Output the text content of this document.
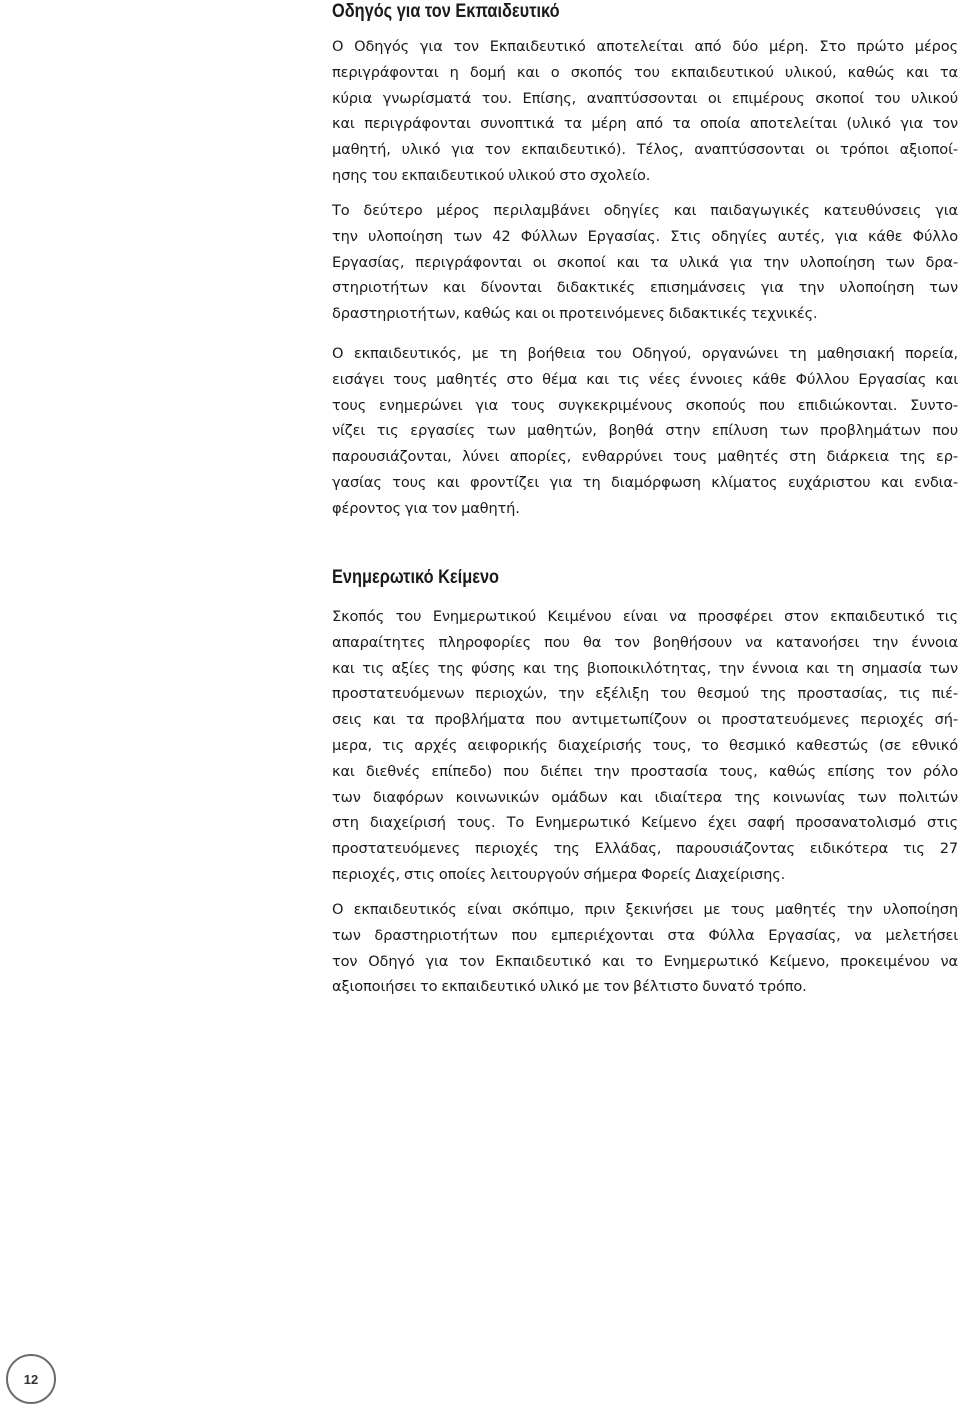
Οδηγός για τον Εκπαιδευτικό

Ο Οδηγός για τον Εκπαιδευτικό αποτελείται από δύο μέρη. Στο πρώτο μέρος
περιγράφονται η δομή και ο σκοπός του εκπαιδευτικού υλικού, καθώς και τα
κύρια γνωρίσματά του. Επίσης, αναπτύσσονται οι επιμέρους σκοποί του υλικού
και περιγράφονται συνοπτικά τα μέρη από τα οποία αποτελείται (υλικό για τον
μαθητή, υλικό για τον εκπαιδευτικό). Τέλος, αναπτύσσονται οι τρόποι αξιοποί-
ησης του εκπαιδευτικού υλικού στο σχολείο.

Το δεύτερο μέρος περιλαμβάνει οδηγίες και παιδαγωγικές κατευθύνσεις για
την υλοποίηση των 42 Φύλλων Εργασίας. Στις οδηγίες αυτές, για κάθε Φύλλο
Εργασίας, περιγράφονται οι σκοποί και τα υλικά για την υλοποίηση των δρα-
στηριοτήτων και δίνονται διδακτικές επισημάνσεις για την υλοποίηση των
δραστηριοτήτων, καθώς και οι προτεινόμενες διδακτικές τεχνικές.

Ο εκπαιδευτικός, με τη βοήθεια του Οδηγού, οργανώνει τη μαθησιακή πορεία,
εισάγει τους μαθητές στο θέμα και τις νέες έννοιες κάθε Φύλλου Εργασίας και
τους ενημερώνει για τους συγκεκριμένους σκοπούς που επιδιώκονται. Συντο-
νίζει τις εργασίες των μαθητών, βοηθά στην επίλυση των προβλημάτων που
παρουσιάζονται, λύνει απορίες, ενθαρρύνει τους μαθητές στη διάρκεια της ερ-
γασίας τους και φροντίζει για τη διαμόρφωση κλίματος ευχάριστου και ενδια-
φέροντος για τον μαθητή.

Ενημερωτικό Κείμενο

Σκοπός του Ενημερωτικού Κειμένου είναι να προσφέρει στον εκπαιδευτικό τις
απαραίτητες πληροφορίες που θα τον βοηθήσουν να κατανοήσει την έννοια
και τις αξίες της φύσης και της βιοποικιλότητας, την έννοια και τη σημασία των
προστατευόμενων περιοχών, την εξέλιξη του θεσμού της προστασίας, τις πιέ-
σεις και τα προβλήματα που αντιμετωπίζουν οι προστατευόμενες περιοχές σή-
μερα, τις αρχές αειφορικής διαχείρισής τους, το θεσμικό καθεστώς (σε εθνικό
και διεθνές επίπεδο) που διέπει την προστασία τους, καθώς επίσης τον ρόλο
των διαφόρων κοινωνικών ομάδων και ιδιαίτερα της κοινωνίας των πολιτών
στη διαχείρισή τους. Το Ενημερωτικό Κείμενο έχει σαφή προσανατολισμό στις
προστατευόμενες περιοχές της Ελλάδας, παρουσιάζοντας ειδικότερα τις 27
περιοχές, στις οποίες λειτουργούν σήμερα Φορείς Διαχείρισης.

Ο εκπαιδευτικός είναι σκόπιμο, πριν ξεκινήσει με τους μαθητές την υλοποίηση
των δραστηριοτήτων που εμπεριέχονται στα Φύλλα Εργασίας, να μελετήσει
τον Οδηγό για τον Εκπαιδευτικό και το Ενημερωτικό Κείμενο, προκειμένου να
αξιοποιήσει το εκπαιδευτικό υλικό με τον βέλτιστο δυνατό τρόπο.

12
